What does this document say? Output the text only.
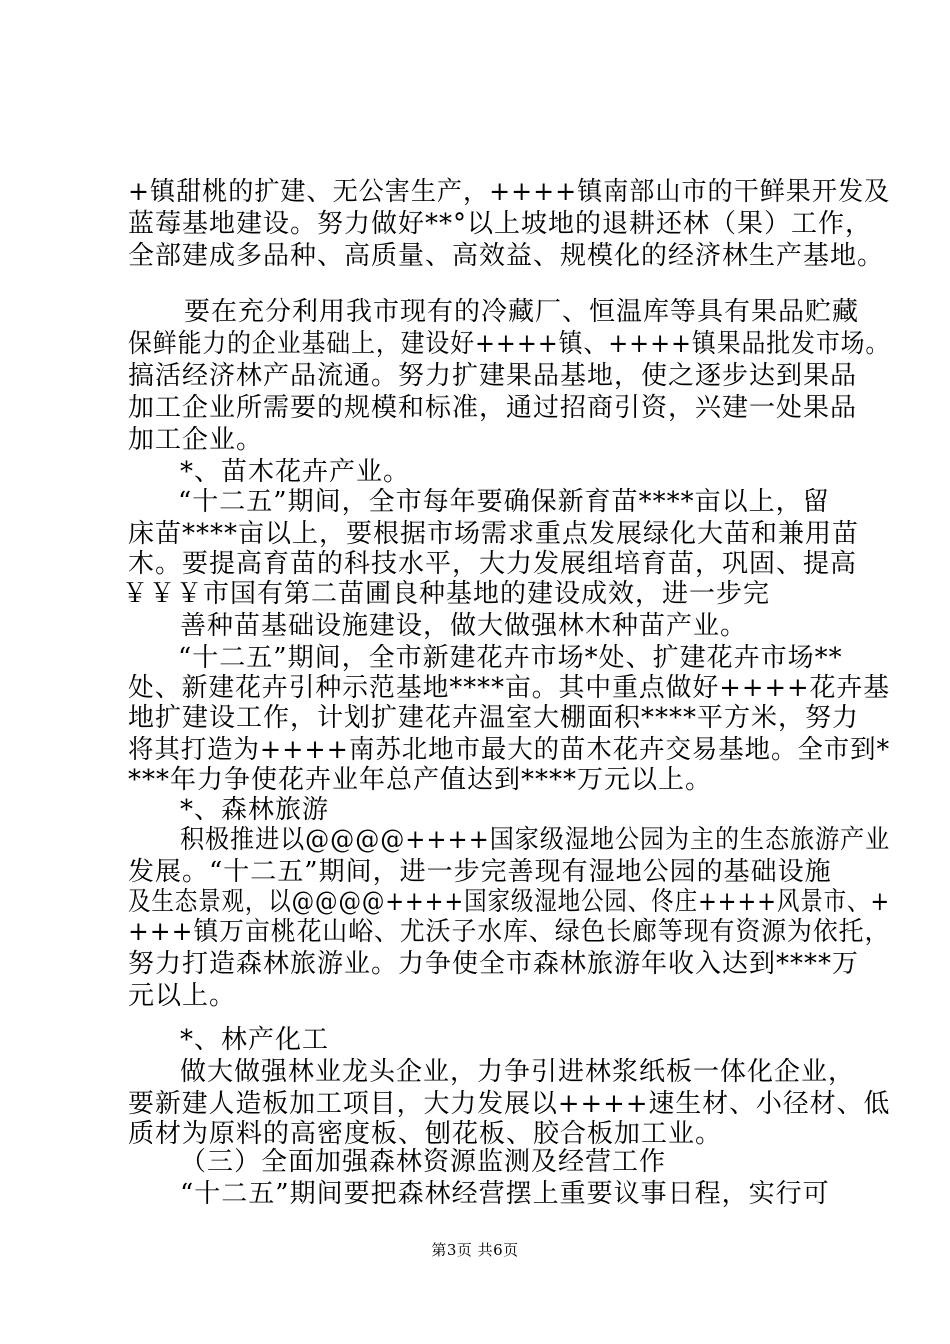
+镇甜桃的扩建、无公害生产，++++镇南部山市的干鲜果开发及
蓝莓基地建设。努力做好**°以上坡地的退耕还林（果）工作，
全部建成多品种、高质量、高效益、规模化的经济林生产基地。
要在充分利用我市现有的冷藏厂、恒温库等具有果品贮藏
保鲜能力的企业基础上，建设好++++镇、++++镇果品批发市场。
搞活经济林产品流通。努力扩建果品基地，使之逐步达到果品
加工企业所需要的规模和标准，通过招商引资，兴建一处果品
加工企业。
*、苗木花卉产业。
“十二五”期间，全市每年要确保新育苗****亩以上，留
床苗****亩以上，要根据市场需求重点发展绿化大苗和兼用苗
木。要提高育苗的科技水平，大力发展组培育苗，巩固、提高
￥￥￥市国有第二苗圃良种基地的建设成效，进一步完
善种苗基础设施建设，做大做强林木种苗产业。
“十二五”期间，全市新建花卉市场*处、扩建花卉市场**
处、新建花卉引种示范基地****亩。其中重点做好++++花卉基
地扩建设工作，计划扩建花卉温室大棚面积****平方米，努力
将其打造为++++南苏北地市最大的苗木花卉交易基地。全市到*
***年力争使花卉业年总产值达到****万元以上。
*、森林旅游
积极推进以@@@@++++国家级湿地公园为主的生态旅游产业
发展。“十二五”期间，进一步完善现有湿地公园的基础设施
及生态景观，以@@@@++++国家级湿地公园、佟庄++++风景市、+
+++镇万亩桃花山峪、尤沃子水库、绿色长廊等现有资源为依托，
努力打造森林旅游业。力争使全市森林旅游年收入达到****万
元以上。
*、林产化工
做大做强林业龙头企业，力争引进林浆纸板一体化企业，
要新建人造板加工项目，大力发展以++++速生材、小径材、低
质材为原料的高密度板、刨花板、胶合板加工业。
（三）全面加强森林资源监测及经营工作
“十二五”期间要把森林经营摆上重要议事日程，实行可
第3页 共6页
